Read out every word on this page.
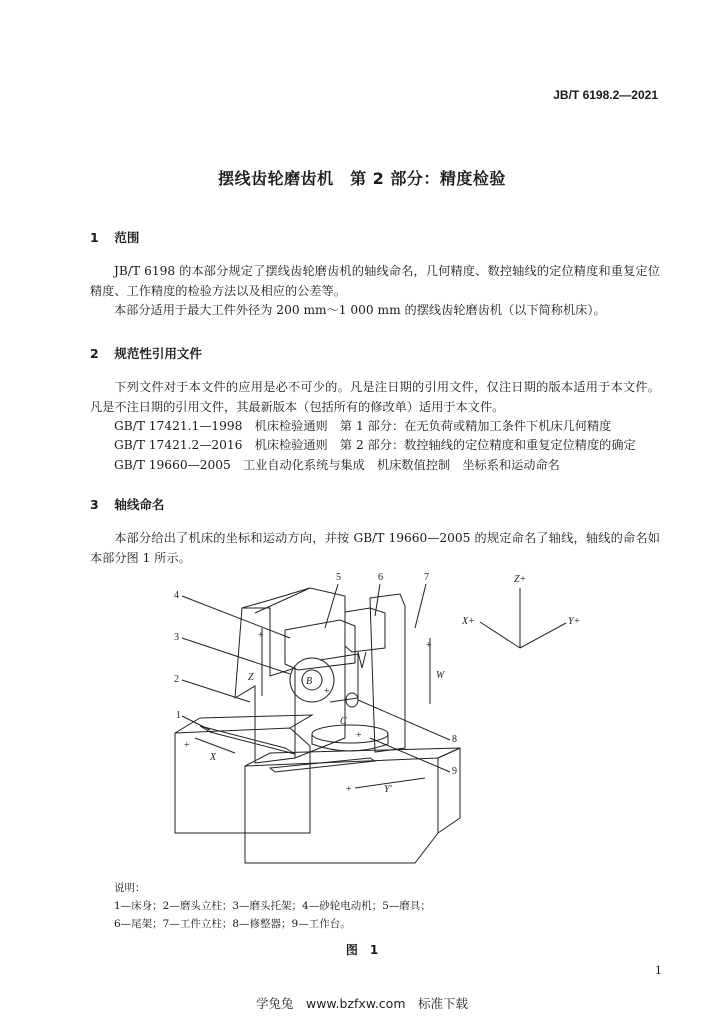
JB/T 6198.2—2021
摆线齿轮磨齿机　第 2 部分：精度检验
1 范围
JB/T 6198 的本部分规定了摆线齿轮磨齿机的轴线命名，几何精度、数控轴线的定位精度和重复定位精度、工作精度的检验方法以及相应的公差等。
本部分适用于最大工件外径为 200 mm～1 000 mm 的摆线齿轮磨齿机（以下简称机床）。
2 规范性引用文件
下列文件对于本文件的应用是必不可少的。凡是注日期的引用文件，仅注日期的版本适用于本文件。凡是不注日期的引用文件，其最新版本（包括所有的修改单）适用于本文件。
GB/T 17421.1—1998　机床检验通则　第 1 部分：在无负荷或精加工条件下机床几何精度
GB/T 17421.2—2016　机床检验通则　第 2 部分：数控轴线的定位精度和重复定位精度的确定
GB/T 19660—2005　工业自动化系统与集成　机床数值控制　坐标系和运动命名
3 轴线命名
本部分给出了机床的坐标和运动方向，并按 GB/T 19660—2005 的规定命名了轴线，轴线的命名如本部分图 1 所示。
4
3
2
1
5	6	7
8
9
Z	W
X
Y'
B
C
+
+
+
+
+
+
Z+
X+	Y+
说明：
1—床身；2—磨头立柱；3—磨头托架；4—砂轮电动机；5—磨具；
6—尾架；7—工件立柱；8—修整器；9—工作台。
图　1
1
学兔兔　www.bzfxw.com　标准下载
